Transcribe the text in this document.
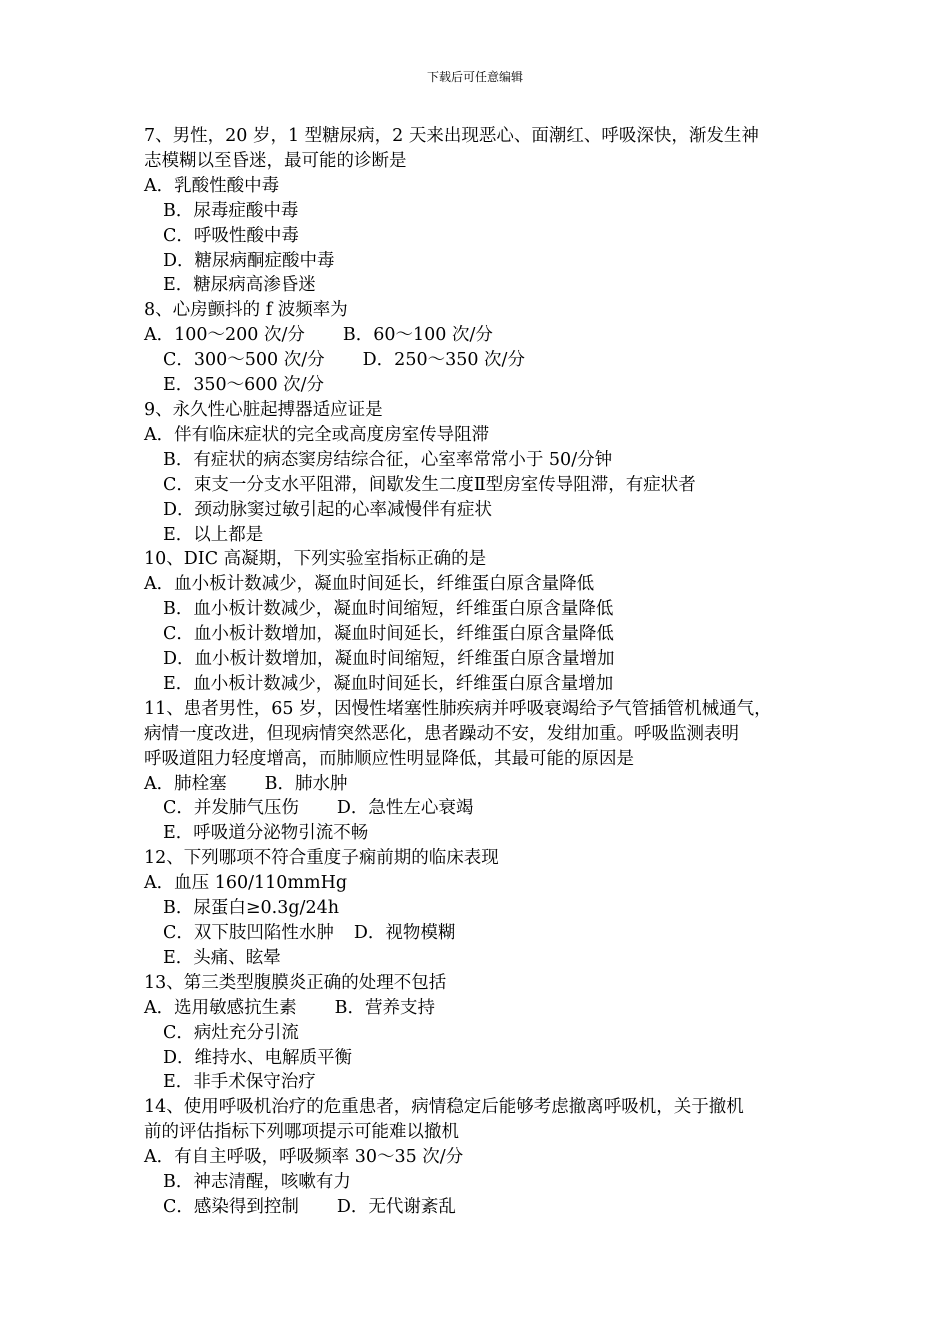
下载后可任意编辑
7、男性，20 岁，1 型糖尿病，2 天来出现恶心、面潮红、呼吸深快，渐发生神
志模糊以至昏迷，最可能的诊断是
A．乳酸性酸中毒
B．尿毒症酸中毒
C．呼吸性酸中毒
D．糖尿病酮症酸中毒
E．糖尿病高渗昏迷
8、心房颤抖的 f 波频率为
A．100～200 次/分 B．60～100 次/分
C．300～500 次/分 D．250～350 次/分
E．350～600 次/分
9、永久性心脏起搏器适应证是
A．伴有临床症状的完全或高度房室传导阻滞
B．有症状的病态窦房结综合征，心室率常常小于 50/分钟
C．束支一分支水平阻滞，间歇发生二度Ⅱ型房室传导阻滞，有症状者
D．颈动脉窦过敏引起的心率减慢伴有症状
E．以上都是
10、DIC 高凝期，下列实验室指标正确的是
A．血小板计数减少，凝血时间延长，纤维蛋白原含量降低
B．血小板计数减少，凝血时间缩短，纤维蛋白原含量降低
C．血小板计数增加，凝血时间延长，纤维蛋白原含量降低
D．血小板计数增加，凝血时间缩短，纤维蛋白原含量增加
E．血小板计数减少，凝血时间延长，纤维蛋白原含量增加
11、患者男性，65 岁，因慢性堵塞性肺疾病并呼吸衰竭给予气管插管机械通气，
病情一度改进，但现病情突然恶化，患者躁动不安，发绀加重。呼吸监测表明
呼吸道阻力轻度增高，而肺顺应性明显降低，其最可能的原因是
A．肺栓塞 B．肺水肿
C．并发肺气压伤 D．急性左心衰竭
E．呼吸道分泌物引流不畅
12、下列哪项不符合重度子痫前期的临床表现
A．血压 160/110mmHg
B．尿蛋白≥0.3g/24h
C．双下肢凹陷性水肿 D．视物模糊
E．头痛、眩晕
13、第三类型腹膜炎正确的处理不包括
A．选用敏感抗生素 B．营养支持
C．病灶充分引流
D．维持水、电解质平衡
E．非手术保守治疗
14、使用呼吸机治疗的危重患者，病情稳定后能够考虑撤离呼吸机，关于撤机
前的评估指标下列哪项提示可能难以撤机
A．有自主呼吸，呼吸频率 30～35 次/分
B．神志清醒，咳嗽有力
C．感染得到控制 D．无代谢紊乱
